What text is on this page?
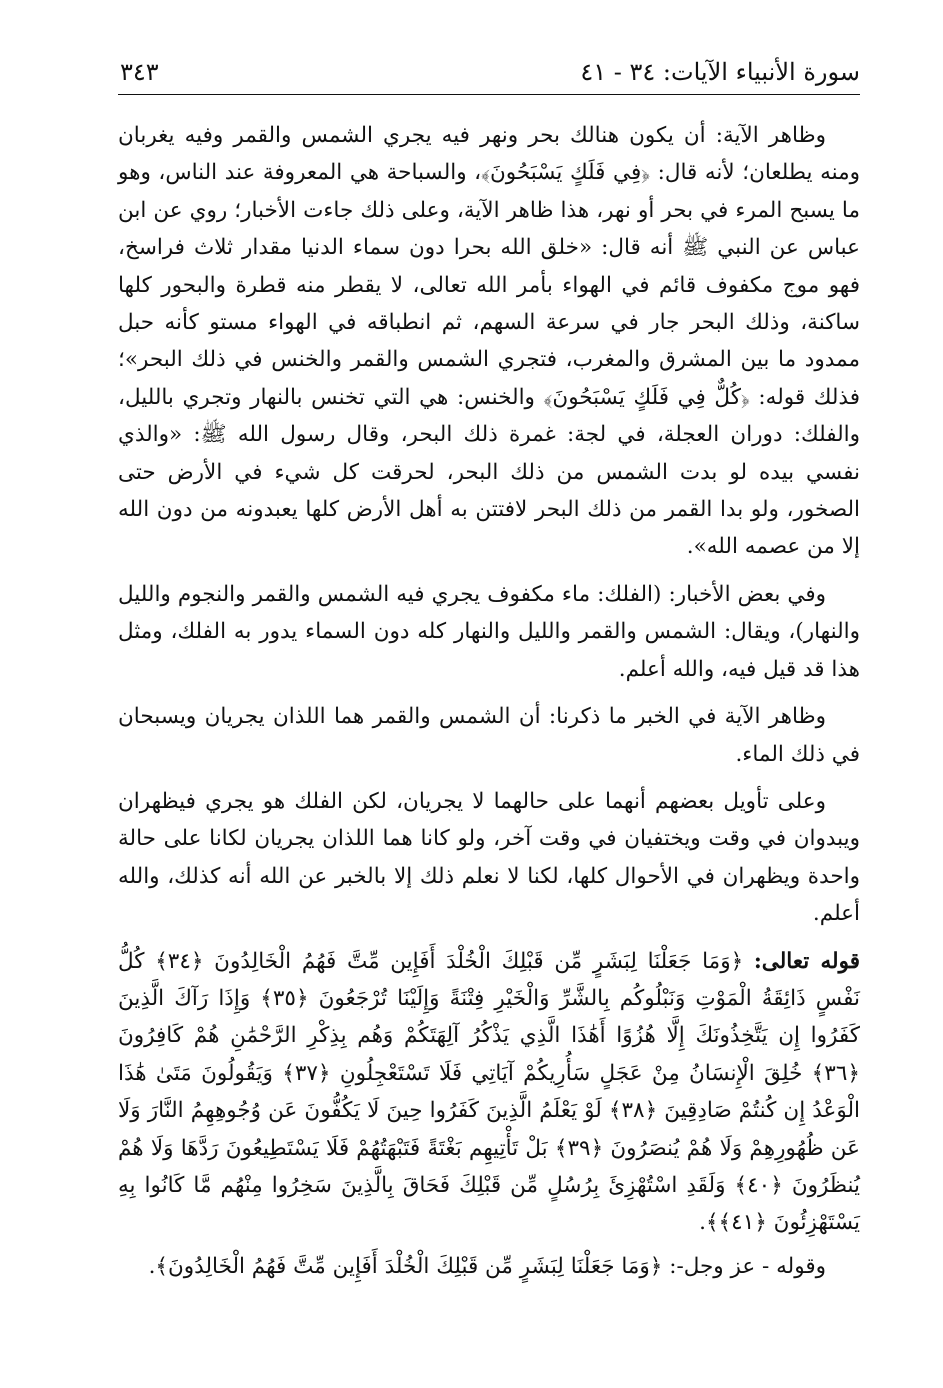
سورة الأنبياء الآيات: ٣٤ - ٤١
٣٤٣

وظاهر الآية: أن يكون هنالك بحر ونهر فيه يجري الشمس والقمر وفيه يغربان ومنه يطلعان؛ لأنه قال: ﴿فِي فَلَكٍ يَسْبَحُونَ﴾، والسباحة هي المعروفة عند الناس، وهو ما يسبح المرء في بحر أو نهر، هذا ظاهر الآية، وعلى ذلك جاءت الأخبار؛ روي عن ابن عباس عن النبي ﷺ أنه قال: «خلق الله بحرا دون سماء الدنيا مقدار ثلاث فراسخ، فهو موج مكفوف قائم في الهواء بأمر الله تعالى، لا يقطر منه قطرة والبحور كلها ساكنة، وذلك البحر جار في سرعة السهم، ثم انطباقه في الهواء مستو كأنه حبل ممدود ما بين المشرق والمغرب، فتجري الشمس والقمر والخنس في ذلك البحر»؛ فذلك قوله: ﴿كُلٌّ فِي فَلَكٍ يَسْبَحُونَ﴾ والخنس: هي التي تخنس بالنهار وتجري بالليل، والفلك: دوران العجلة، في لجة: غمرة ذلك البحر، وقال رسول الله ﷺ: «والذي نفسي بيده لو بدت الشمس من ذلك البحر، لحرقت كل شيء في الأرض حتى الصخور، ولو بدا القمر من ذلك البحر لافتتن به أهل الأرض كلها يعبدونه من دون الله إلا من عصمه الله».

وفي بعض الأخبار: (الفلك: ماء مكفوف يجري فيه الشمس والقمر والنجوم والليل والنهار)، ويقال: الشمس والقمر والليل والنهار كله دون السماء يدور به الفلك، ومثل هذا قد قيل فيه، والله أعلم.

وظاهر الآية في الخبر ما ذكرنا: أن الشمس والقمر هما اللذان يجريان ويسبحان في ذلك الماء.

وعلى تأويل بعضهم أنهما على حالهما لا يجريان، لكن الفلك هو يجري فيظهران ويبدوان في وقت ويختفيان في وقت آخر، ولو كانا هما اللذان يجريان لكانا على حالة واحدة ويظهران في الأحوال كلها، لكنا لا نعلم ذلك إلا بالخبر عن الله أنه كذلك، والله أعلم.

قوله تعالى: ﴿وَمَا جَعَلْنَا لِبَشَرٍ مِّن قَبْلِكَ الْخُلْدَ أَفَإِين مِّتَّ فَهُمُ الْخَالِدُونَ ﴿٣٤﴾ كُلُّ نَفْسٍ ذَائِقَةُ الْمَوْتِ وَنَبْلُوكُم بِالشَّرِّ وَالْخَيْرِ فِتْنَةً وَإِلَيْنَا تُرْجَعُونَ ﴿٣٥﴾ وَإِذَا رَآكَ الَّذِينَ كَفَرُوا إِن يَتَّخِذُونَكَ إِلَّا هُزُوًا أَهَٰذَا الَّذِي يَذْكُرُ آلِهَتَكُمْ وَهُم بِذِكْرِ الرَّحْمَٰنِ هُمْ كَافِرُونَ ﴿٣٦﴾ خُلِقَ الْإِنسَانُ مِنْ عَجَلٍ سَأُرِيكُمْ آيَاتِي فَلَا تَسْتَعْجِلُونِ ﴿٣٧﴾ وَيَقُولُونَ مَتَىٰ هَٰذَا الْوَعْدُ إِن كُنتُمْ صَادِقِينَ ﴿٣٨﴾ لَوْ يَعْلَمُ الَّذِينَ كَفَرُوا حِينَ لَا يَكُفُّونَ عَن وُجُوهِهِمُ النَّارَ وَلَا عَن ظُهُورِهِمْ وَلَا هُمْ يُنصَرُونَ ﴿٣٩﴾ بَلْ تَأْتِيهِم بَغْتَةً فَتَبْهَتُهُمْ فَلَا يَسْتَطِيعُونَ رَدَّهَا وَلَا هُمْ يُنظَرُونَ ﴿٤٠﴾ وَلَقَدِ اسْتُهْزِئَ بِرُسُلٍ مِّن قَبْلِكَ فَحَاقَ بِالَّذِينَ سَخِرُوا مِنْهُم مَّا كَانُوا بِهِ يَسْتَهْزِئُونَ ﴿٤١﴾﴾.

وقوله - عز وجل-: ﴿وَمَا جَعَلْنَا لِبَشَرٍ مِّن قَبْلِكَ الْخُلْدَ أَفَإِين مِّتَّ فَهُمُ الْخَالِدُونَ﴾.
